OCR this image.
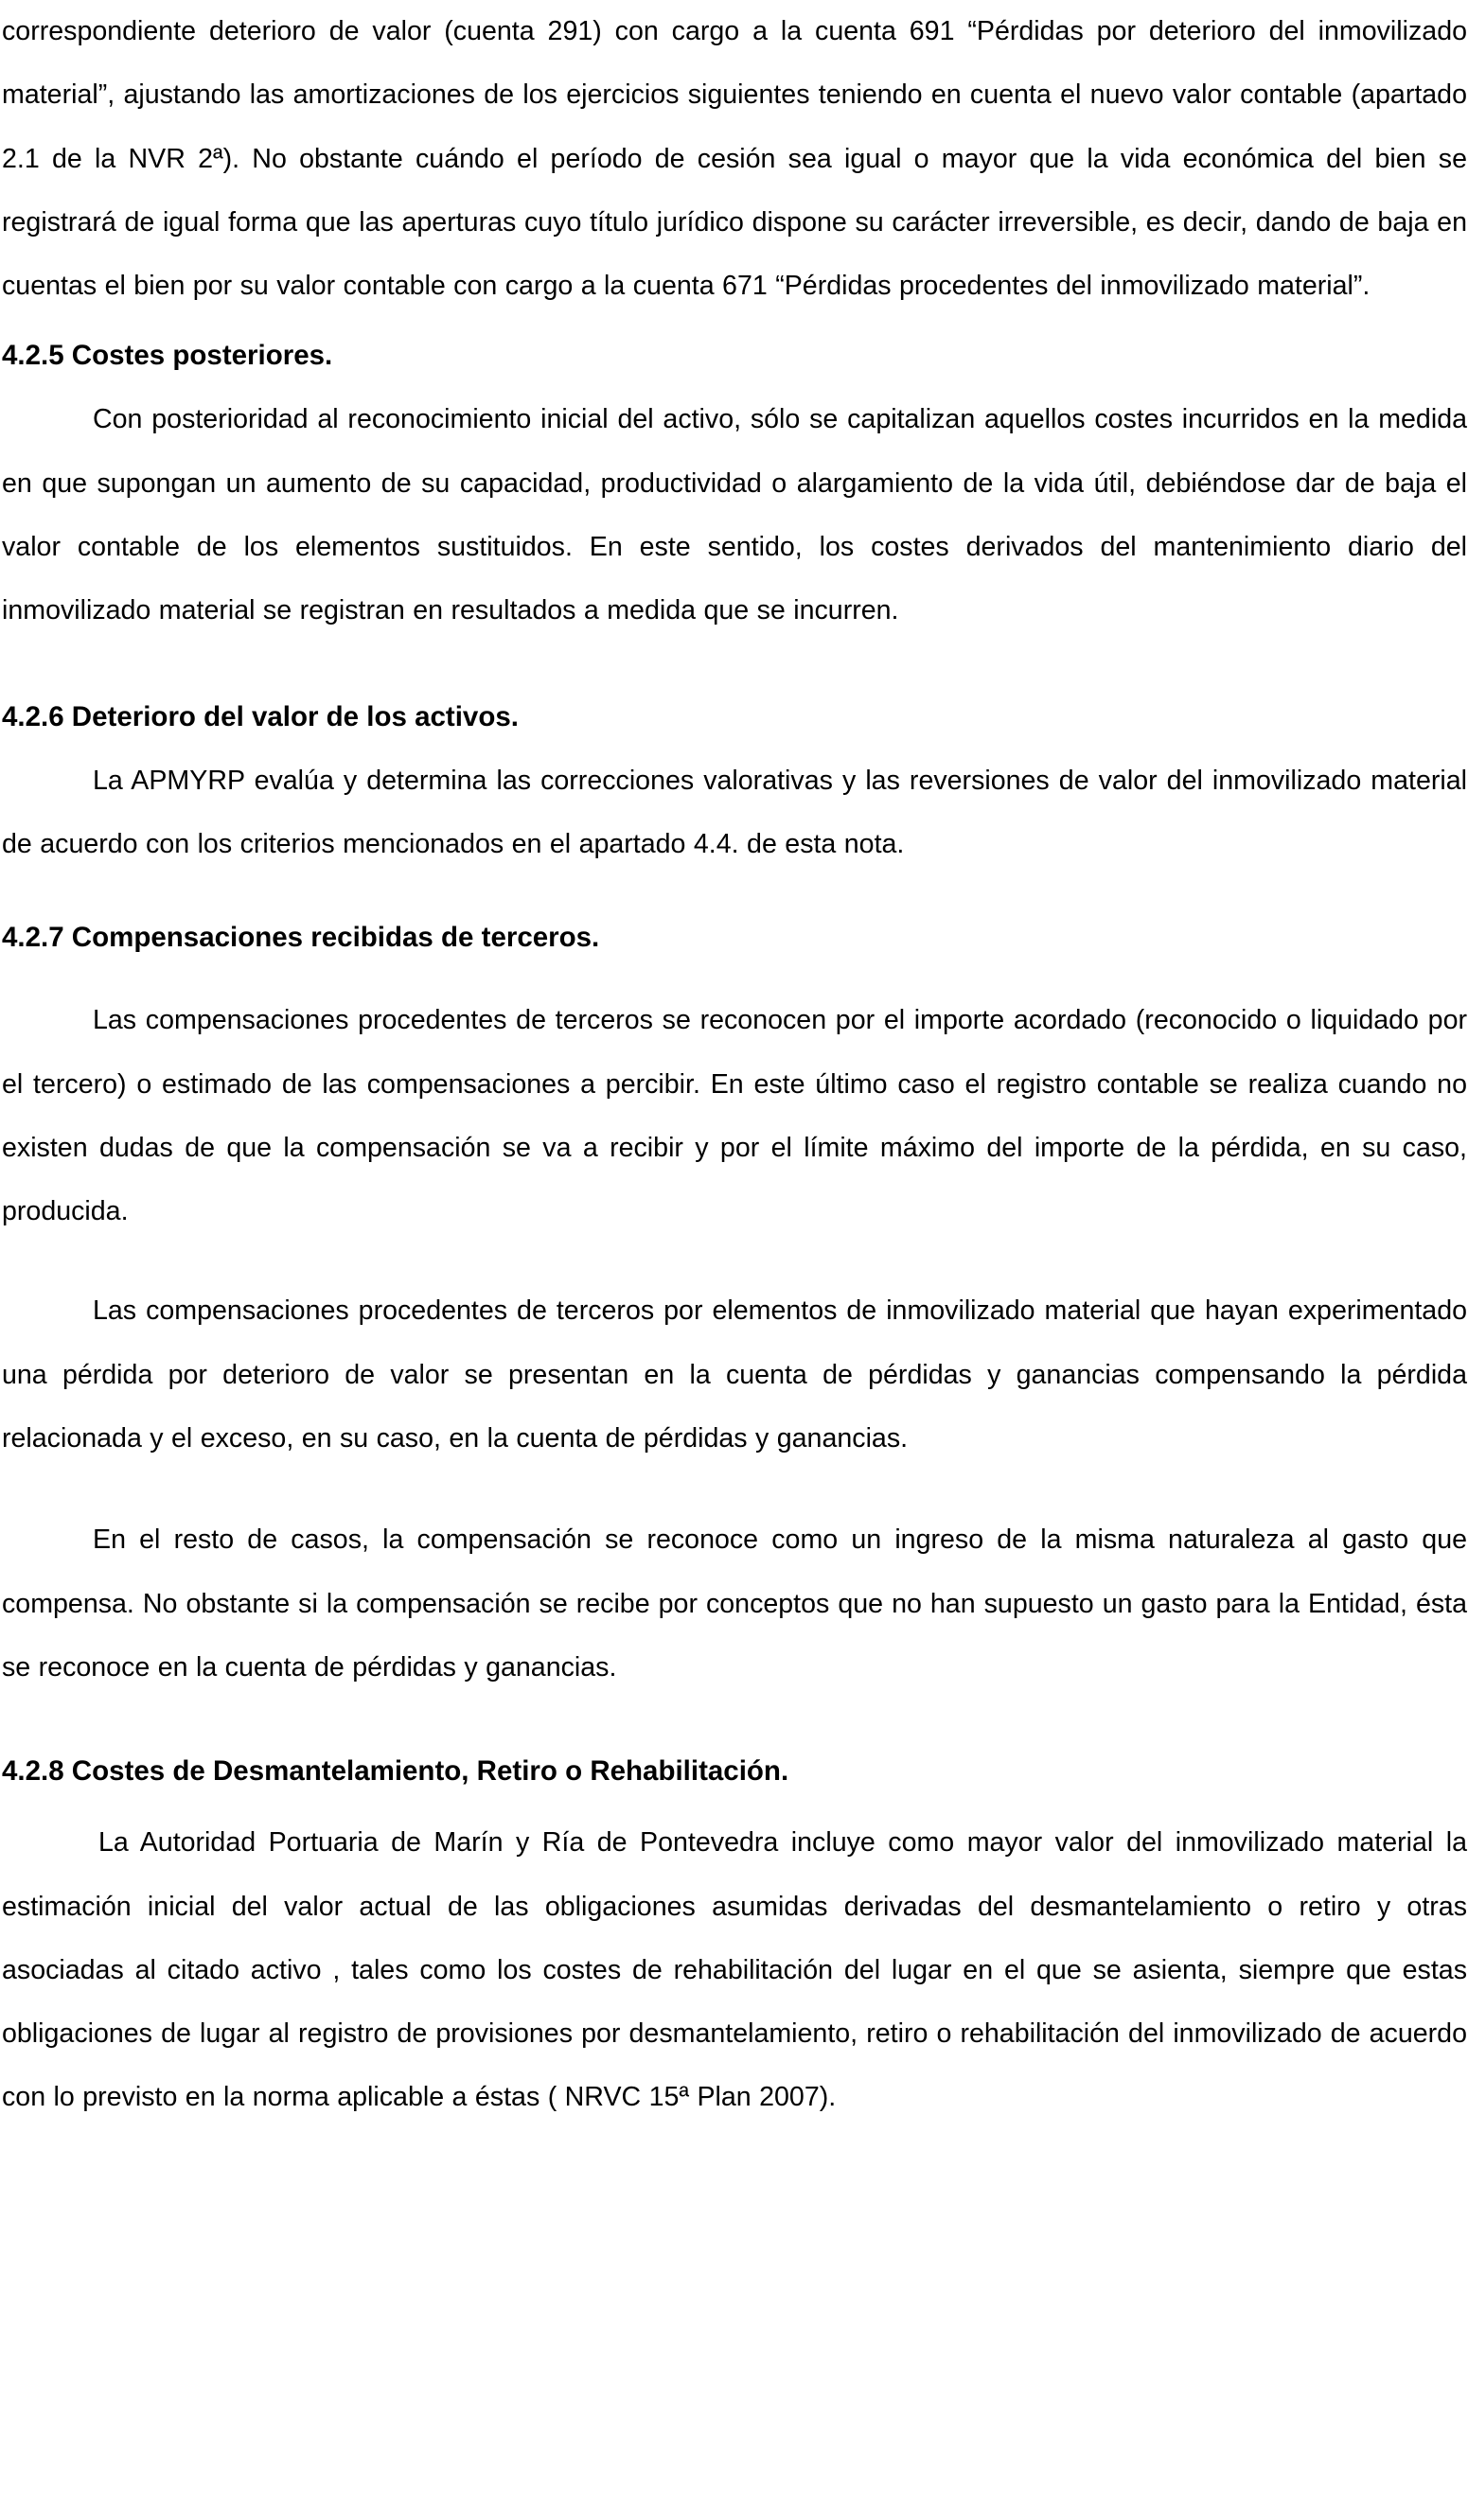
correspondiente deterioro de valor (cuenta 291) con cargo a la cuenta 691 “Pérdidas por deterioro del inmovilizado material”, ajustando las amortizaciones de los ejercicios siguientes teniendo en cuenta el nuevo valor contable (apartado 2.1 de la NVR 2ª). No obstante cuándo el período de cesión sea igual o mayor que la vida económica del bien se registrará de igual forma que las aperturas cuyo título jurídico dispone su carácter irreversible, es decir, dando de baja en cuentas el bien por su valor contable con cargo a la cuenta 671 “Pérdidas procedentes del inmovilizado material”.

4.2.5 Costes posteriores.

Con posterioridad al reconocimiento inicial del activo, sólo se capitalizan aquellos costes incurridos en la medida en que supongan un aumento de su capacidad, productividad o alargamiento de la vida útil, debiéndose dar de baja el valor contable de los elementos sustituidos. En este sentido, los costes derivados del mantenimiento diario del inmovilizado material se registran en resultados a medida que se incurren.

4.2.6 Deterioro del valor de los activos.

La APMYRP evalúa y determina las correcciones valorativas y las reversiones de valor del inmovilizado material de acuerdo con los criterios mencionados en el apartado 4.4. de esta nota.

4.2.7 Compensaciones recibidas de terceros.

Las compensaciones procedentes de terceros se reconocen por el importe acordado (reconocido o liquidado por el tercero) o estimado de las compensaciones a percibir. En este último caso el registro contable se realiza cuando no existen dudas de que la compensación se va a recibir y por el límite máximo del importe de la pérdida, en su caso, producida.

Las compensaciones procedentes de terceros por elementos de inmovilizado material que hayan experimentado una pérdida por deterioro de valor se presentan en la cuenta de pérdidas y ganancias compensando la pérdida relacionada y el exceso, en su caso, en la cuenta de pérdidas y ganancias.

En el resto de casos, la compensación se reconoce como un ingreso de la misma naturaleza al gasto que compensa. No obstante si la compensación se recibe por conceptos que no han supuesto un gasto para la Entidad, ésta se reconoce en la cuenta de pérdidas y ganancias.

4.2.8 Costes de Desmantelamiento, Retiro o Rehabilitación.

La Autoridad Portuaria de Marín y Ría de Pontevedra incluye como mayor valor del inmovilizado material la estimación inicial del valor actual de las obligaciones asumidas derivadas del desmantelamiento o retiro y otras asociadas al citado activo , tales como los costes de rehabilitación del lugar en el que se asienta, siempre que estas obligaciones de lugar al registro de provisiones por desmantelamiento, retiro o rehabilitación del inmovilizado de acuerdo con lo previsto en la norma aplicable a éstas ( NRVC 15ª Plan 2007).
